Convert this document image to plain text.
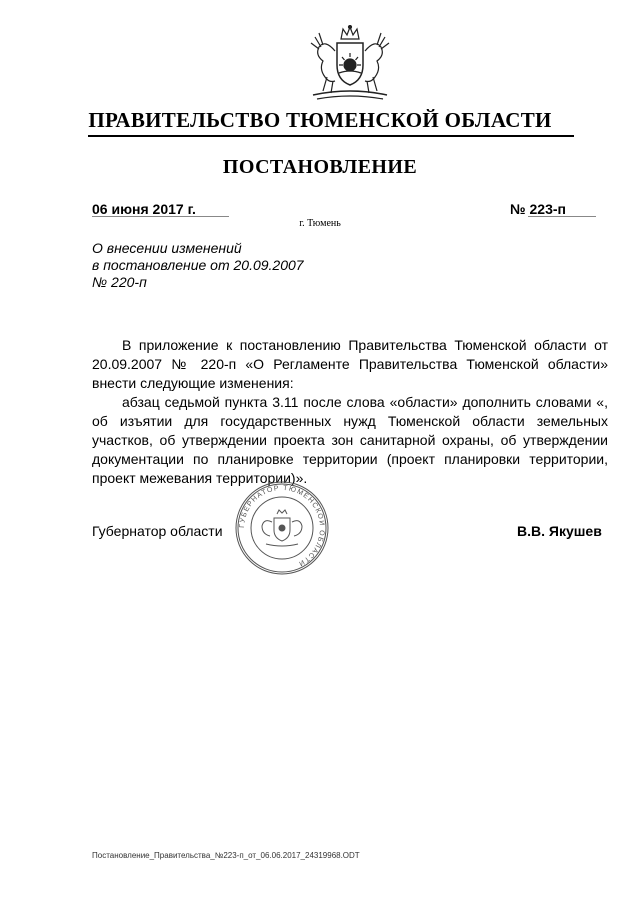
ПРАВИТЕЛЬСТВО ТЮМЕНСКОЙ ОБЛАСТИ
ПОСТАНОВЛЕНИЕ
06 июня 2017 г.	№ 223-п
г. Тюмень
О внесении изменений
в постановление от 20.09.2007
№ 220-п

В приложение к постановлению Правительства Тюменской области от 20.09.2007 № 220-п «О Регламенте Правительства Тюменской области» внести следующие изменения:

абзац седьмой пункта 3.11 после слова «области» дополнить словами «, об изъятии для государственных нужд Тюменской области земельных участков, об утверждении проекта зон санитарной охраны, об утверждении документации по планировке территории (проект планировки территории, проект межевания территории)».

Губернатор области ГУБЕРНАТОР ТЮМЕНСКОЙ ОБЛАСТИ
В.В. Якушев
Постановление_Правительства_№223-п_от_06.06.2017_24319968.ODT
